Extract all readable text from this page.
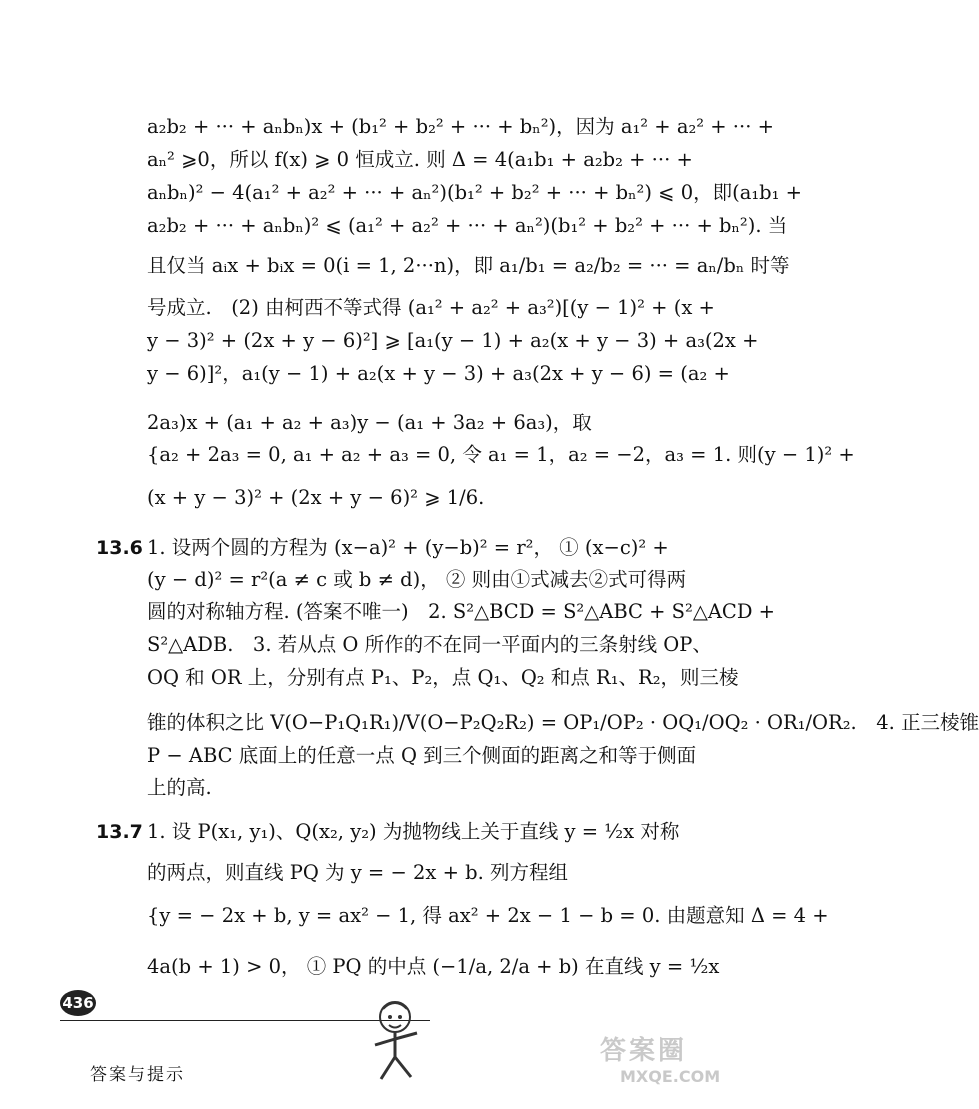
a₂b₂ + ··· + aₙbₙ)x + (b₁² + b₂² + ··· + bₙ²)，因为 a₁² + a₂² + ··· +
aₙ² ⩾0，所以 f(x) ⩾ 0 恒成立. 则 Δ = 4(a₁b₁ + a₂b₂ + ··· +
aₙbₙ)² − 4(a₁² + a₂² + ··· + aₙ²)(b₁² + b₂² + ··· + bₙ²) ⩽ 0，即(a₁b₁ +
a₂b₂ + ··· + aₙbₙ)² ⩽ (a₁² + a₂² + ··· + aₙ²)(b₁² + b₂² + ··· + bₙ²). 当
且仅当 aᵢx + bᵢx = 0(i = 1, 2···n)，即 a₁/b₁ = a₂/b₂ = ··· = aₙ/bₙ 时等
号成立.　(2) 由柯西不等式得 (a₁² + a₂² + a₃²)[(y − 1)² + (x +
y − 3)² + (2x + y − 6)²] ⩾ [a₁(y − 1) + a₂(x + y − 3) + a₃(2x +
y − 6)]²，a₁(y − 1) + a₂(x + y − 3) + a₃(2x + y − 6) = (a₂ +
2a₃)x + (a₁ + a₂ + a₃)y − (a₁ + 3a₂ + 6a₃)，取
{a₂ + 2a₃ = 0, a₁ + a₂ + a₃ = 0, 令 a₁ = 1，a₂ = −2，a₃ = 1. 则(y − 1)² +
(x + y − 3)² + (2x + y − 6)² ⩾ 1/6.
13.6 1. 设两个圆的方程为 (x−a)² + (y−b)² = r²， ① (x−c)² +
(y − d)² = r²(a ≠ c 或 b ≠ d)， ② 则由①式减去②式可得两
圆的对称轴方程. (答案不唯一)　2. S²△BCD = S²△ABC + S²△ACD +
S²△ADB.　3. 若从点 O 所作的不在同一平面内的三条射线 OP、
OQ 和 OR 上，分别有点 P₁、P₂，点 Q₁、Q₂ 和点 R₁、R₂，则三棱
锥的体积之比 V(O−P₁Q₁R₁)/V(O−P₂Q₂R₂) = OP₁/OP₂ · OQ₁/OQ₂ · OR₁/OR₂.　4. 正三棱锥
P − ABC 底面上的任意一点 Q 到三个侧面的距离之和等于侧面
上的高.
13.7 1. 设 P(x₁, y₁)、Q(x₂, y₂) 为抛物线上关于直线 y = ½x 对称
的两点，则直线 PQ 为 y = − 2x + b. 列方程组
{y = − 2x + b, y = ax² − 1, 得 ax² + 2x − 1 − b = 0. 由题意知 Δ = 4 +
4a(b + 1) > 0， ① PQ 的中点 (−1/a, 2/a + b) 在直线 y = ½x
436
答案与提示
答案圈
MXQE.COM
